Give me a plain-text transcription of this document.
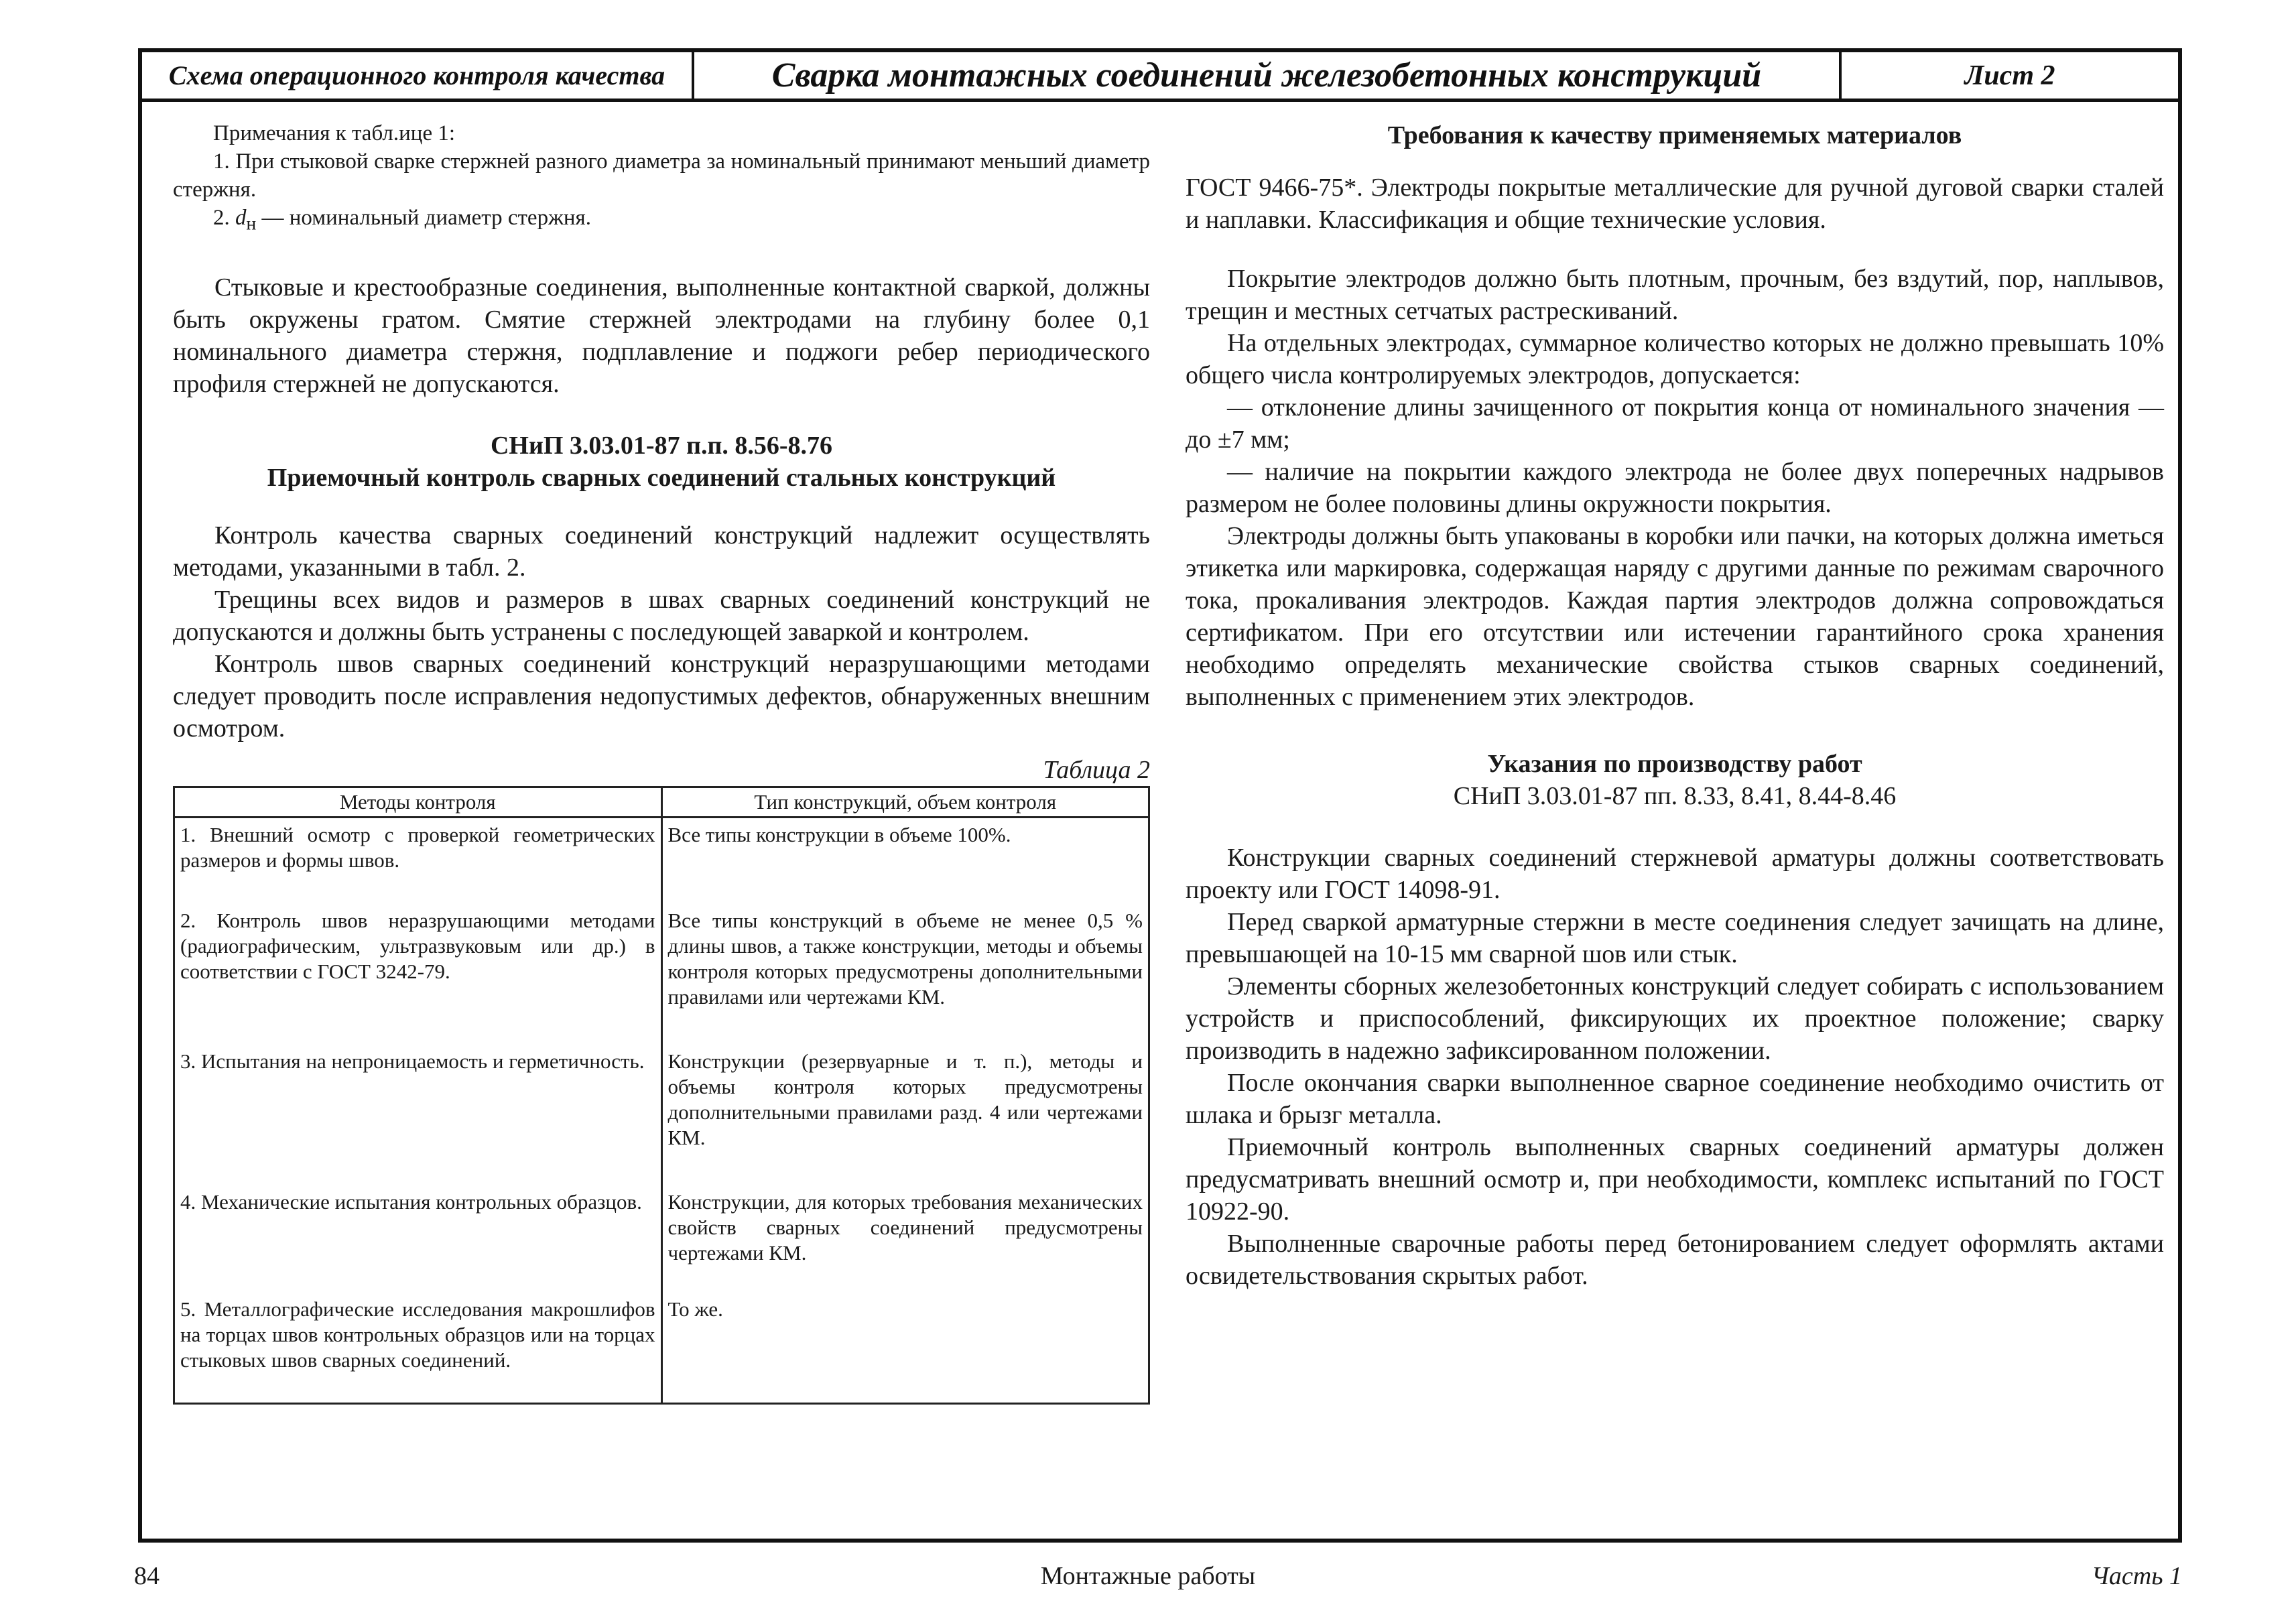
Схема операционного контроля качества	Сварка монтажных соединений железобетонных конструкций	Лист 2

Примечания к табл.ице 1:

1. При стыковой сварке стержней разного диаметра за номинальный принимают меньший диаметр стержня.

2. $d_н$ — номинальный диаметр стержня.

Стыковые и крестообразные соединения, выполненные контактной сваркой, должны быть окружены гратом. Смятие стержней электродами на глубину более 0,1 номинального диаметра стержня, подплавление и поджоги ребер периодического профиля стержней не допускаются.

СНиП 3.03.01-87 п.п. 8.56-8.76

Приемочный контроль сварных соединений стальных конструкций

Контроль качества сварных соединений конструкций надлежит осуществлять методами, указанными в табл. 2.

Трещины всех видов и размеров в швах сварных соединений конструкций не допускаются и должны быть устранены с последующей заваркой и контролем.

Контроль швов сварных соединений конструкций неразрушающими методами следует проводить после исправления недопустимых дефектов, обнаруженных внешним осмотром.

Таблица 2

Методы контроля	Тип конструкций, объем контроля
1. Внешний осмотр с проверкой геометрических размеров и формы швов.	Все типы конструкции в объеме 100%.
2. Контроль швов неразрушающими методами (радиографическим, ультразвуковым или др.) в соответствии с ГОСТ 3242-79.	Все типы конструкций в объеме не менее 0,5 % длины швов, а также конструкции, методы и объемы контроля которых предусмотрены дополнительными правилами или чертежами КМ.
3. Испытания на непроницаемость и герметичность.	Конструкции (резервуарные и т. п.), методы и объемы контроля которых предусмотрены дополнительными правилами разд. 4 или чертежами КМ.
4. Механические испытания контрольных образцов.	Конструкции, для которых требования механических свойств сварных соединений предусмотрены чертежами КМ.
5. Металлографические исследования макрошлифов на торцах швов контрольных образцов или на торцах стыковых швов сварных соединений.	То же.

Требования к качеству применяемых материалов

ГОСТ 9466-75*. Электроды покрытые металлические для ручной дуговой сварки сталей и наплавки. Классификация и общие технические условия.

Покрытие электродов должно быть плотным, прочным, без вздутий, пор, наплывов, трещин и местных сетчатых растрескиваний.

На отдельных электродах, суммарное количество которых не должно превышать 10% общего числа контролируемых электродов, допускается:

— отклонение длины зачищенного от покрытия конца от номинального значения — до ±7 мм;

— наличие на покрытии каждого электрода не более двух поперечных надрывов размером не более половины длины окружности покрытия.

Электроды должны быть упакованы в коробки или пачки, на которых должна иметься этикетка или маркировка, содержащая наряду с другими данные по режимам сварочного тока, прокаливания электродов. Каждая партия электродов должна сопровождаться сертификатом. При его отсутствии или истечении гарантийного срока хранения необходимо определять механические свойства стыков сварных соединений, выполненных с применением этих электродов.

Указания по производству работ

СНиП 3.03.01-87 пп. 8.33, 8.41, 8.44-8.46

Конструкции сварных соединений стержневой арматуры должны соответствовать проекту или ГОСТ 14098-91.

Перед сваркой арматурные стержни в месте соединения следует зачищать на длине, превышающей на 10-15 мм сварной шов или стык.

Элементы сборных железобетонных конструкций следует собирать с использованием устройств и приспособлений, фиксирующих их проектное положение; сварку производить в надежно зафиксированном положении.

После окончания сварки выполненное сварное соединение необходимо очистить от шлака и брызг металла.

Приемочный контроль выполненных сварных соединений арматуры должен предусматривать внешний осмотр и, при необходимости, комплекс испытаний по ГОСТ 10922-90.

Выполненные сварочные работы перед бетонированием следует оформлять актами освидетельствования скрытых работ.

84	Монтажные работы	Часть 1
